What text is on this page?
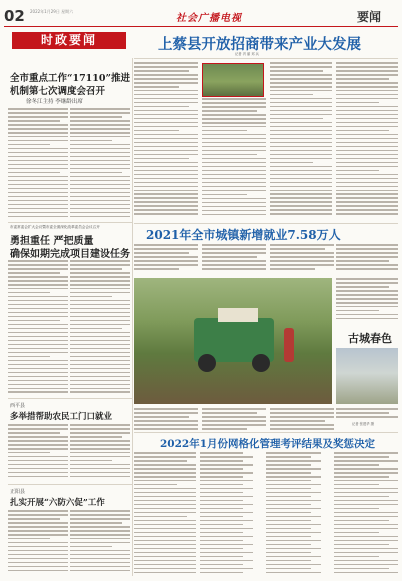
02 2022年1月29日 星期六
社会广播电视	要闻
时政要闻	上蔡县开放招商带来产业大发展
记者 冯 丽 邓 兵
全市重点工作“17110”推进
机制第七次调度会召开
徐冬江主持 李继龄出席
市委常委会扩大会议暨市委全面深化改革委员会会议召开
勇担重任 严把质量
确保如期完成项目建设任务
2021年全市城镇新增就业7.58万人
古城春色
记者 张建华 摄
西平县
多举措帮助农民工门口就业
2022年1月份网格化管理考评结果及奖惩决定
正阳县
扎实开展“六防六促”工作
